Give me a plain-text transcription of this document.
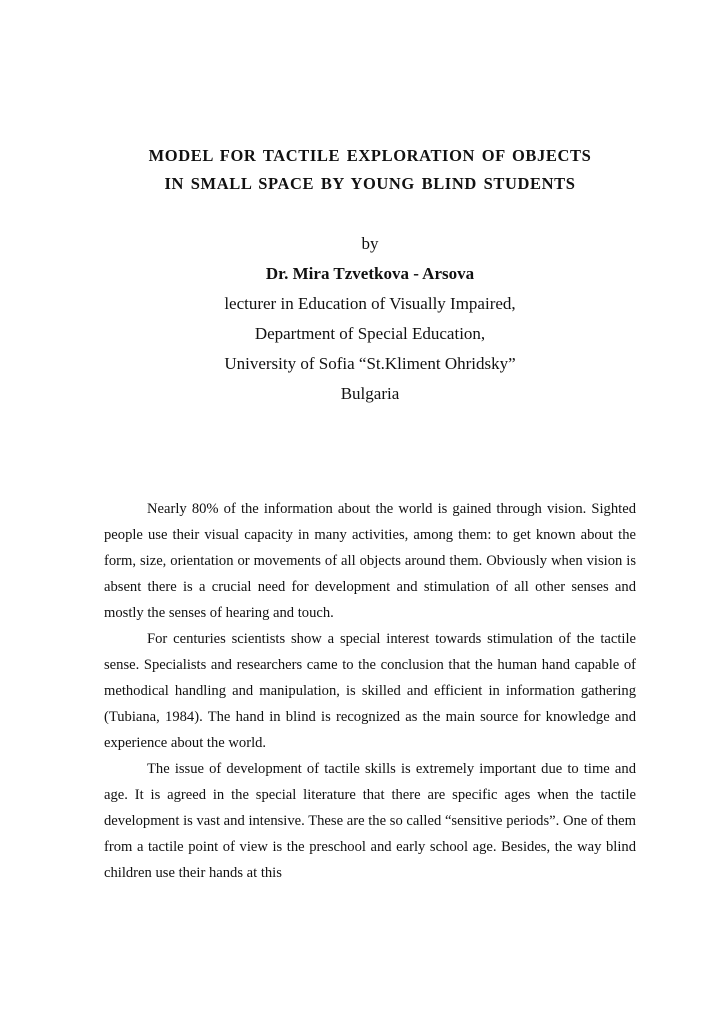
MODEL FOR TACTILE EXPLORATION OF OBJECTS
IN SMALL SPACE BY YOUNG BLIND STUDENTS
by
Dr. Mira Tzvetkova - Arsova
lecturer in Education of Visually Impaired,
Department of Special Education,
University of Sofia “St.Kliment Ohridsky”
Bulgaria

Nearly 80% of the information about the world is gained through vision. Sighted people use their visual capacity in many activities, among them: to get known about the form, size, orientation or movements of all objects around them. Obviously when vision is absent there is a crucial need for development and stimulation of all other senses and mostly the senses of hearing and touch.

For centuries scientists show a special interest towards stimulation of the tactile sense. Specialists and researchers came to the conclusion that the human hand capable of methodical handling and manipulation, is skilled and efficient in information gathering (Tubiana, 1984). The hand in blind is recognized as the main source for knowledge and experience about the world.

The issue of development of tactile skills is extremely important due to time and age. It is agreed in the special literature that there are specific ages when the tactile development is vast and intensive. These are the so called “sensitive periods”. One of them from a tactile point of view is the preschool and early school age. Besides, the way blind children use their hands at this
